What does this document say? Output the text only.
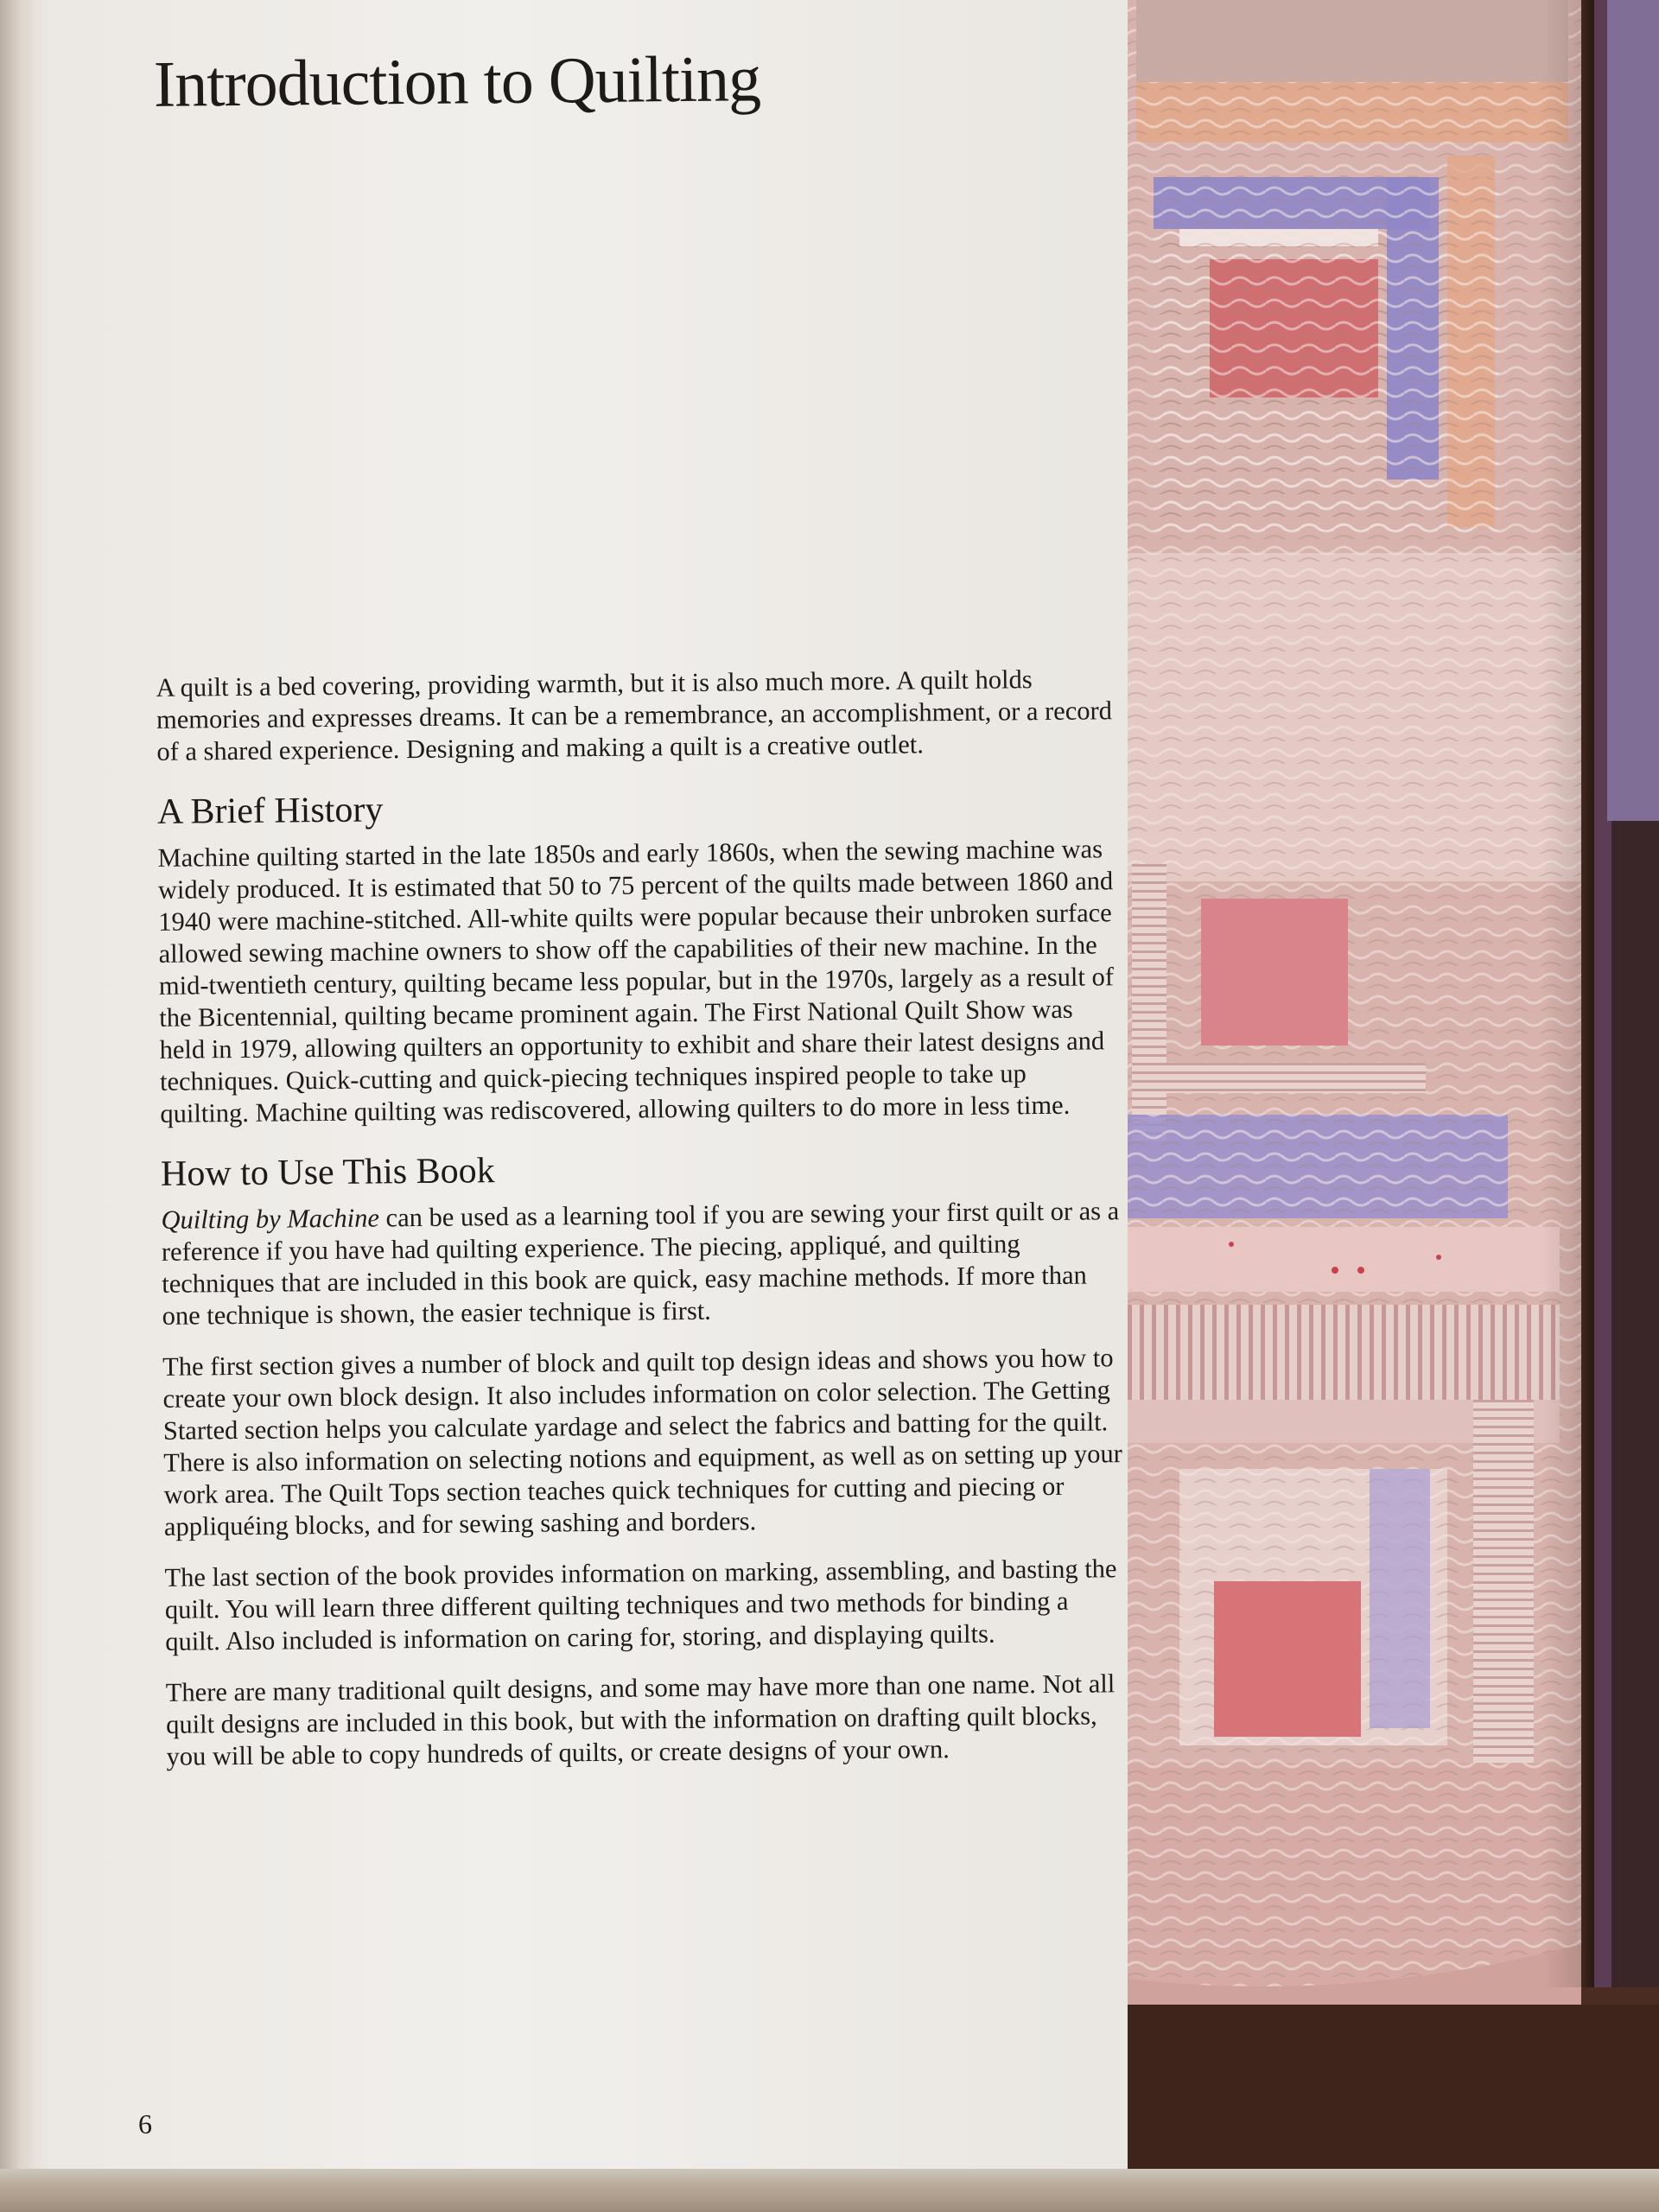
Introduction to Quilting

A quilt is a bed covering, providing warmth, but it is also much more. A quilt holds memories and expresses dreams. It can be a remembrance, an accomplishment, or a record of a shared experience. Designing and making a quilt is a creative outlet.

A Brief History

Machine quilting started in the late 1850s and early 1860s, when the sewing machine was widely produced. It is estimated that 50 to 75 percent of the quilts made between 1860 and 1940 were machine-stitched. All-white quilts were popular because their unbroken surface allowed sewing machine owners to show off the capabilities of their new machine. In the mid-twentieth century, quilting became less popular, but in the 1970s, largely as a result of the Bicentennial, quilting became prominent again. The First National Quilt Show was held in 1979, allowing quilters an opportunity to exhibit and share their latest designs and techniques. Quick-cutting and quick-piecing techniques inspired people to take up quilting. Machine quilting was rediscovered, allowing quilters to do more in less time.

How to Use This Book

Quilting by Machine can be used as a learning tool if you are sewing your first quilt or as a reference if you have had quilting experience. The piecing, appliqué, and quilting techniques that are included in this book are quick, easy machine methods. If more than one technique is shown, the easier technique is first.

The first section gives a number of block and quilt top design ideas and shows you how to create your own block design. It also includes information on color selection. The Getting Started section helps you calculate yardage and select the fabrics and batting for the quilt. There is also information on selecting notions and equipment, as well as on setting up your work area. The Quilt Tops section teaches quick techniques for cutting and piecing or appliquéing blocks, and for sewing sashing and borders.

The last section of the book provides information on marking, assembling, and basting the quilt. You will learn three different quilting techniques and two methods for binding a quilt. Also included is information on caring for, storing, and displaying quilts.

There are many traditional quilt designs, and some may have more than one name. Not all quilt designs are included in this book, but with the information on drafting quilt blocks, you will be able to copy hundreds of quilts, or create designs of your own.

6
